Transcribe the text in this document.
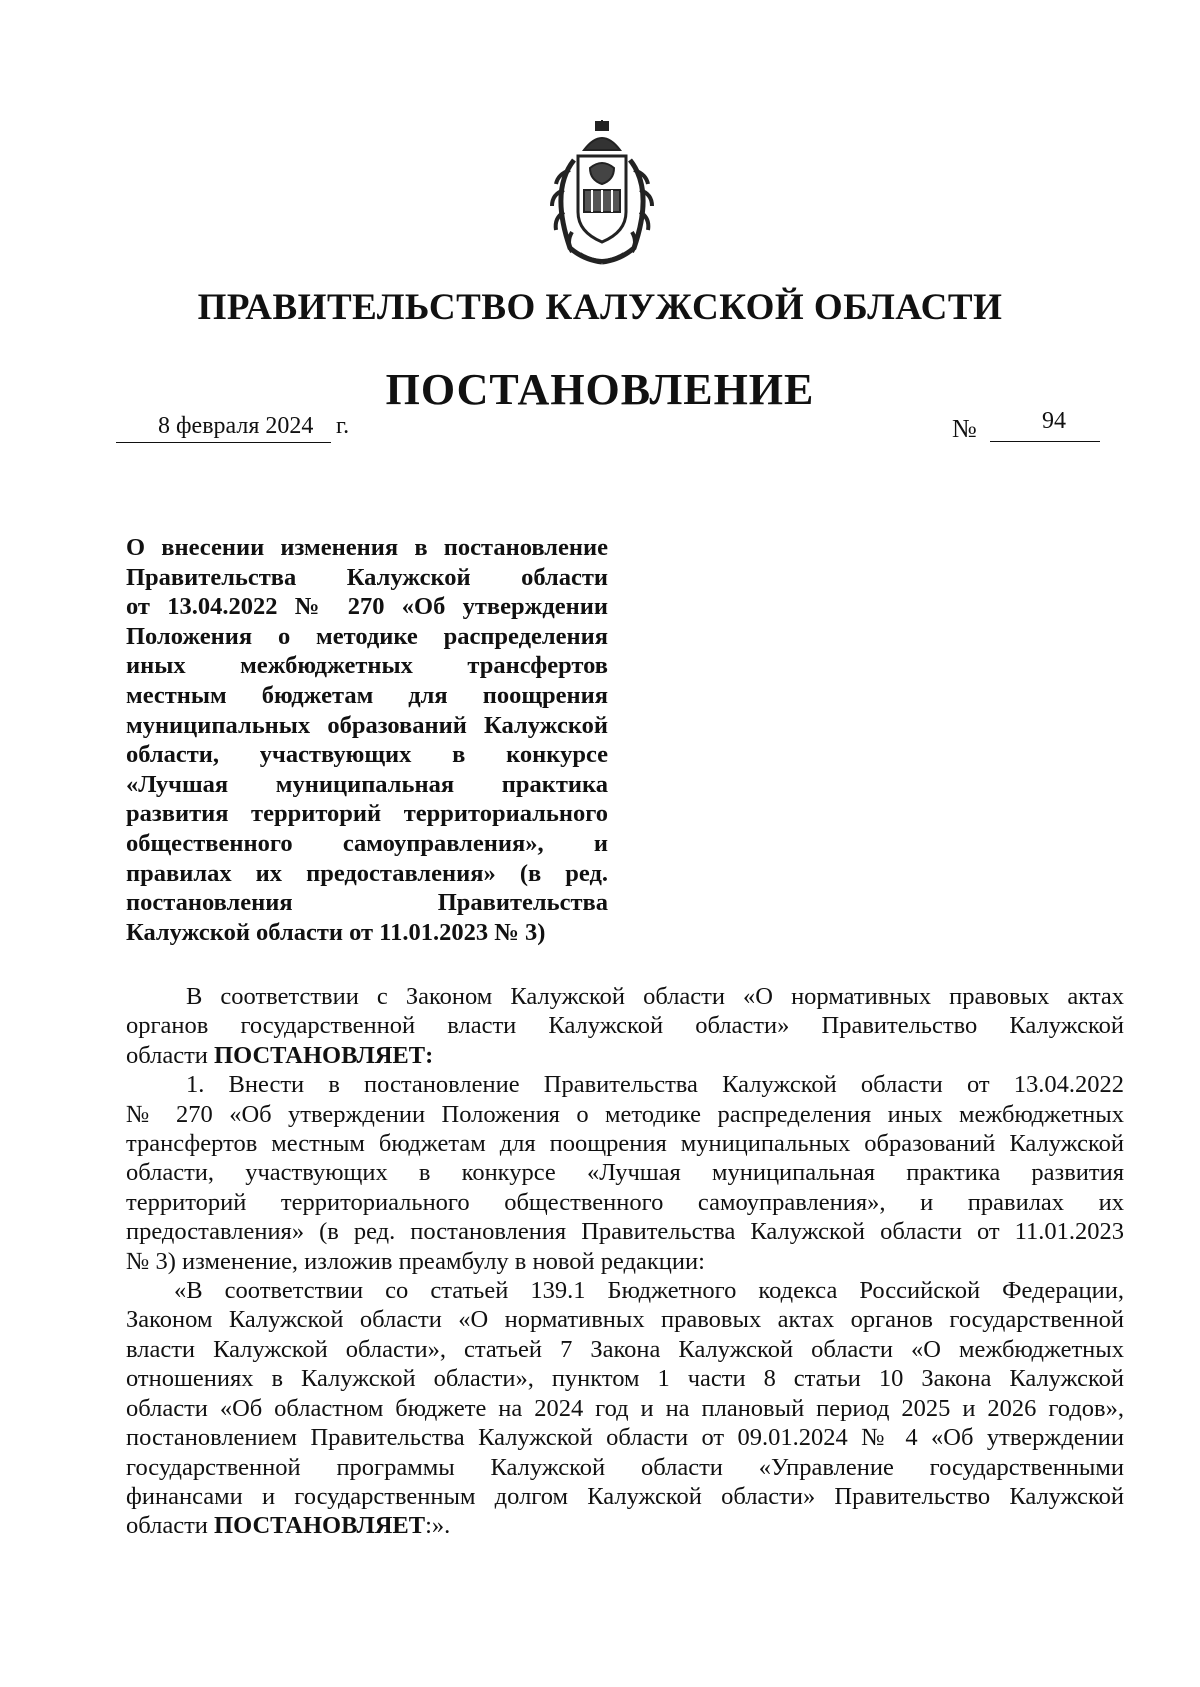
ПРАВИТЕЛЬСТВО КАЛУЖСКОЙ ОБЛАСТИ
ПОСТАНОВЛЕНИЕ
8 февраля 2024 г.	№	94
О внесении изменения в постановление
Правительства Калужской области
от 13.04.2022 № 270 «Об утверждении
Положения о методике распределения
иных межбюджетных трансфертов
местным бюджетам для поощрения
муниципальных образований Калужской
области, участвующих в конкурсе
«Лучшая муниципальная практика
развития территорий территориального
общественного самоуправления», и
правилах их предоставления» (в ред.
постановления Правительства
Калужской области от 11.01.2023 № 3)
В соответствии с Законом Калужской области «О нормативных правовых актах
органов государственной власти Калужской области» Правительство Калужской
области ПОСТАНОВЛЯЕТ:
1. Внести в постановление Правительства Калужской области от 13.04.2022
№ 270 «Об утверждении Положения о методике распределения иных межбюджетных
трансфертов местным бюджетам для поощрения муниципальных образований Калужской
области, участвующих в конкурсе «Лучшая муниципальная практика развития
территорий территориального общественного самоуправления», и правилах их
предоставления» (в ред. постановления Правительства Калужской области от 11.01.2023
№ 3) изменение, изложив преамбулу в новой редакции:
«В соответствии со статьей 139.1 Бюджетного кодекса Российской Федерации,
Законом Калужской области «О нормативных правовых актах органов государственной
власти Калужской области», статьей 7 Закона Калужской области «О межбюджетных
отношениях в Калужской области», пунктом 1 части 8 статьи 10 Закона Калужской
области «Об областном бюджете на 2024 год и на плановый период 2025 и 2026 годов»,
постановлением Правительства Калужской области от 09.01.2024 № 4 «Об утверждении
государственной программы Калужской области «Управление государственными
финансами и государственным долгом Калужской области» Правительство Калужской
области ПОСТАНОВЛЯЕТ:».
